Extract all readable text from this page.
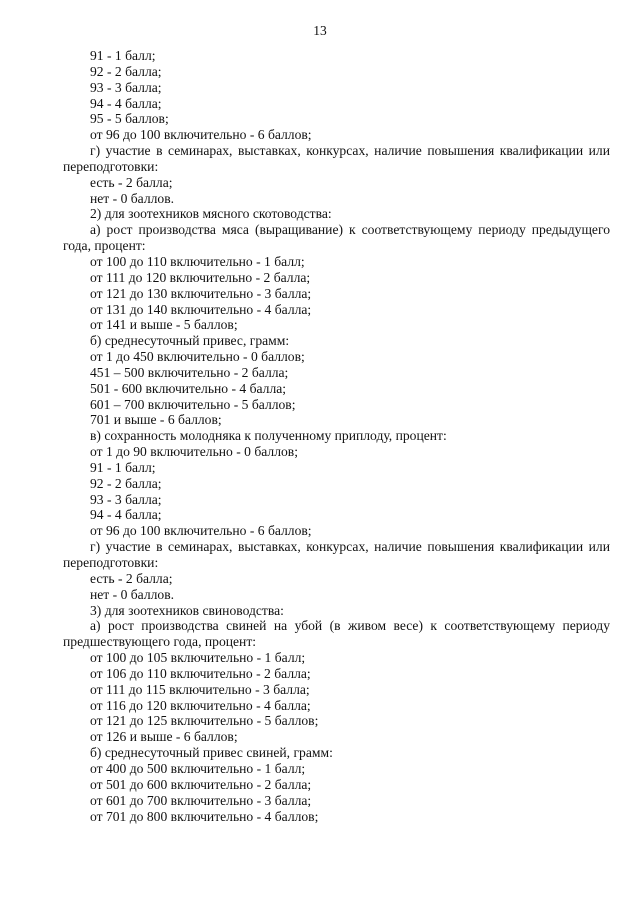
13
91 - 1 балл;
92 - 2 балла;
93 - 3 балла;
94 - 4 балла;
95 - 5 баллов;
от 96 до 100 включительно - 6 баллов;
г) участие в семинарах, выставках, конкурсах, наличие повышения квалификации или
переподготовки:
есть - 2 балла;
нет - 0 баллов.
2) для зоотехников мясного скотоводства:
а) рост производства мяса (выращивание) к соответствующему периоду предыдущего
года, процент:
от 100 до 110 включительно - 1 балл;
от 111 до 120 включительно - 2 балла;
от 121 до 130 включительно - 3 балла;
от 131 до 140 включительно - 4 балла;
от 141 и выше - 5 баллов;
б) среднесуточный привес, грамм:
от 1 до 450 включительно - 0 баллов;
451 – 500 включительно - 2 балла;
501 - 600 включительно - 4 балла;
601 – 700 включительно - 5 баллов;
701 и выше - 6 баллов;
в) сохранность молодняка к полученному приплоду, процент:
от 1 до 90 включительно - 0 баллов;
91 - 1 балл;
92 - 2 балла;
93 - 3 балла;
94 - 4 балла;
от 96 до 100 включительно - 6 баллов;
г) участие в семинарах, выставках, конкурсах, наличие повышения квалификации или
переподготовки:
есть - 2 балла;
нет - 0 баллов.
3) для зоотехников свиноводства:
а) рост производства свиней на убой (в живом весе) к соответствующему периоду
предшествующего года, процент:
от 100 до 105 включительно - 1 балл;
от 106 до 110 включительно - 2 балла;
от 111 до 115 включительно - 3 балла;
от 116 до 120 включительно - 4 балла;
от 121 до 125 включительно - 5 баллов;
от 126 и выше - 6 баллов;
б) среднесуточный привес свиней, грамм:
от 400 до 500 включительно - 1 балл;
от 501 до 600 включительно - 2 балла;
от 601 до 700 включительно - 3 балла;
от 701 до 800 включительно - 4 баллов;
